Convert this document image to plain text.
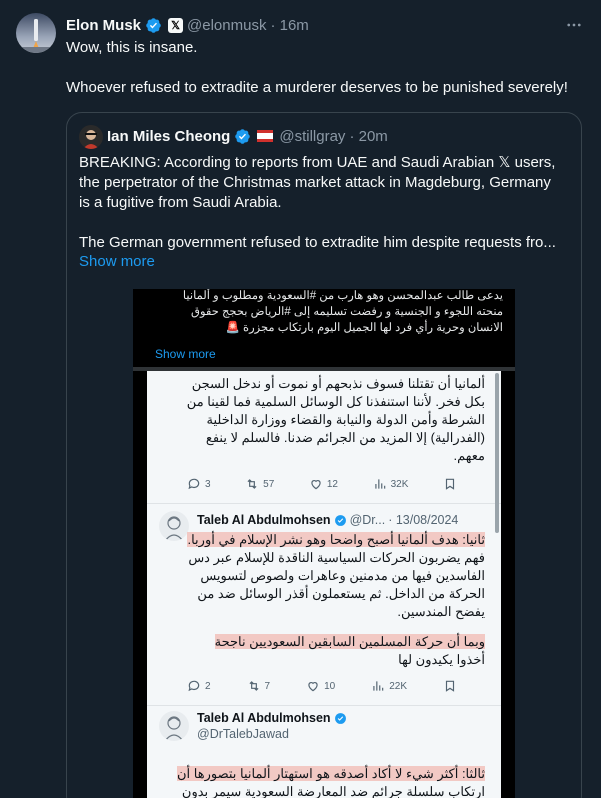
Elon Musk	𝕏 @elonmusk · 16m
Wow, this is insane.
Whoever refused to extradite a murderer deserves to be punished severely!
Ian Miles Cheong	@stillgray · 20m
BREAKING: According to reports from UAE and Saudi Arabian 𝕏 users,
the perpetrator of the Christmas market attack in Magdeburg, Germany
is a fugitive from Saudi Arabia.
The German government refused to extradite him despite requests fro...
Show more
يدعى طالب عبدالمحسن وهو هارب من #السعودية ومطلوب و ألمانيا
منحته اللجوء و الجنسية و رفضت تسليمه إلى #الرياض بحجج حقوق
الانسان وحرية رأي فرد لها الجميل اليوم بارتكاب مجزرة 🚨
Show more
ألمانيا أن تقتلنا فسوف نذبحهم أو نموت أو ندخل السجن
بكل فخر. لأننا استنفذنا كل الوسائل السلمية فما لقينا من
الشرطة وأمن الدولة والنيابة والقضاء ووزارة الداخلية
(الفدرالية) إلا المزيد من الجرائم ضدنا. فالسلم لا ينفع
معهم.
3	57	12	32K
Taleb Al Abdulmohsen @Dr... · 13/08/2024
ثانيا: هدف ألمانيا أصبح واضحا وهو نشر الإسلام في أوربا.
فهم يضربون الحركات السياسية الناقدة للإسلام عبر دس
الفاسدين فيها من مدمنين وعاهرات ولصوص لتسويس
الحركة من الداخل. ثم يستعملون أقذر الوسائل ضد من
يفضح المندسين.
وبما أن حركة المسلمين السابقين السعوديين ناجحة
أخذوا يكيدون لها
2	7	10	22K
Taleb Al Abdulmohsen
@DrTalebJawad
ثالثا: أكثر شيء لا أكاد أصدقه هو استهتار ألمانيا بتصورها أن
ارتكاب سلسلة جرائم ضد المعارضة السعودية سيمر بدون
